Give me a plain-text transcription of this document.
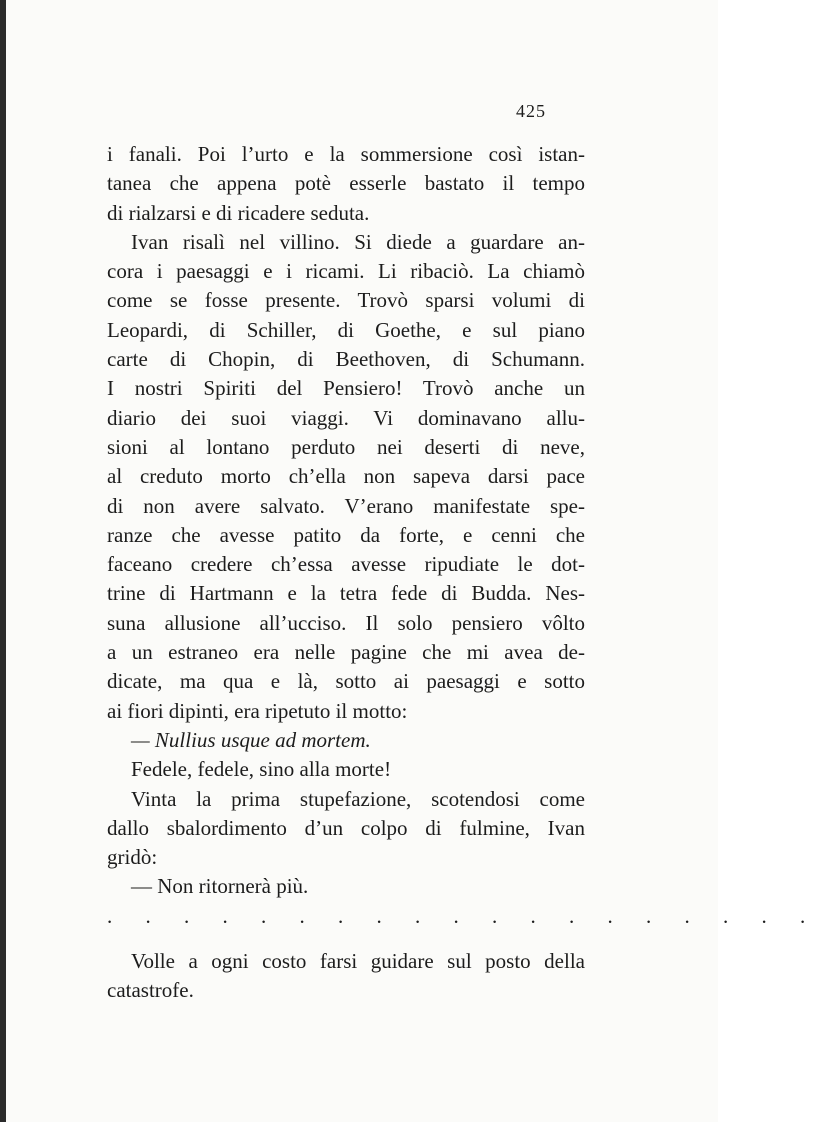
425
i fanali. Poi l’urto e la sommersione così istan-
tanea che appena potè esserle bastato il tempo
di rialzarsi e di ricadere seduta.
Ivan risalì nel villino. Si diede a guardare an-
cora i paesaggi e i ricami. Li ribaciò. La chiamò
come se fosse presente. Trovò sparsi volumi di
Leopardi, di Schiller, di Goethe, e sul piano
carte di Chopin, di Beethoven, di Schumann.
I nostri Spiriti del Pensiero! Trovò anche un
diario dei suoi viaggi. Vi dominavano allu-
sioni al lontano perduto nei deserti di neve,
al creduto morto ch’ella non sapeva darsi pace
di non avere salvato. V’erano manifestate spe-
ranze che avesse patito da forte, e cenni che
faceano credere ch’essa avesse ripudiate le dot-
trine di Hartmann e la tetra fede di Budda. Nes-
suna allusione all’ucciso. Il solo pensiero vôlto
a un estraneo era nelle pagine che mi avea de-
dicate, ma qua e là, sotto ai paesaggi e sotto
ai fiori dipinti, era ripetuto il motto:
— Nullius usque ad mortem.
Fedele, fedele, sino alla morte!
Vinta la prima stupefazione, scotendosi come
dallo sbalordimento d’un colpo di fulmine, Ivan
gridò:
— Non ritornerà più.
. . . . . . . . . . . . . . . . . . .
Volle a ogni costo farsi guidare sul posto della
catastrofe.
